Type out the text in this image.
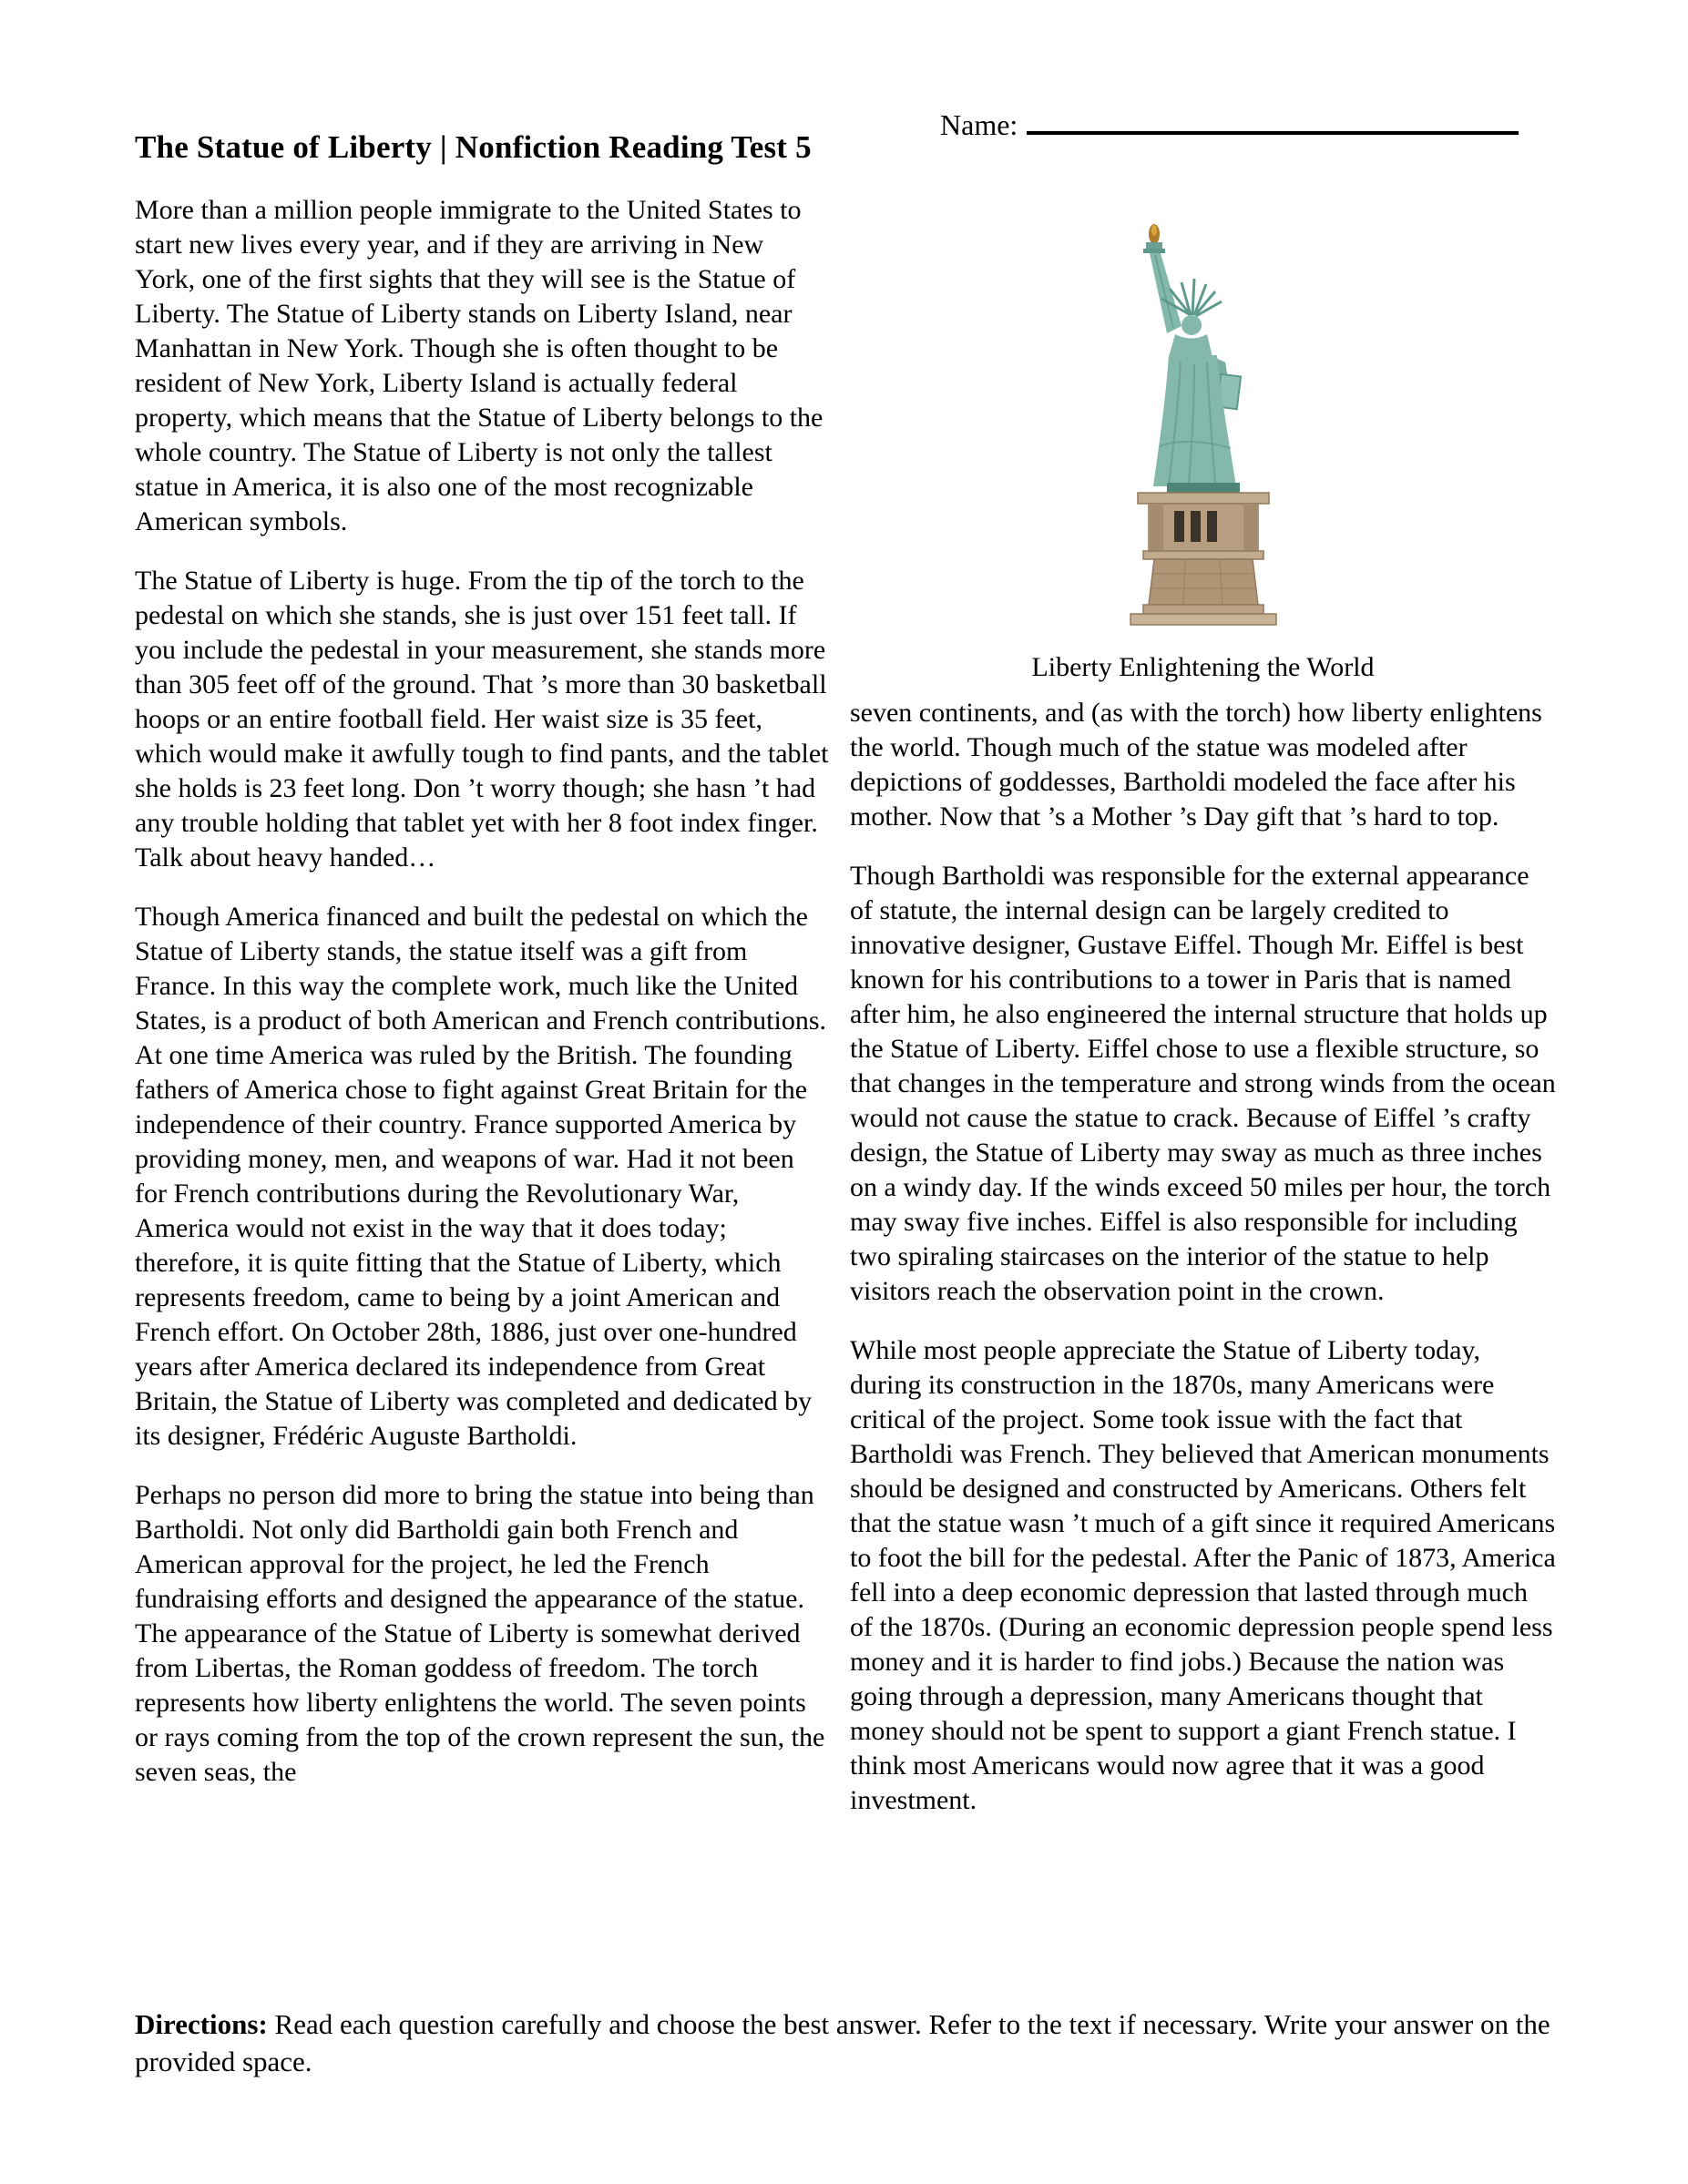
Name:
The Statue of Liberty | Nonfiction Reading Test 5

More than a million people immigrate to the United States to start new lives every year, and if they are arriving in New York, one of the first sights that they will see is the Statue of Liberty. The Statue of Liberty stands on Liberty Island, near Manhattan in New York. Though she is often thought to be resident of New York, Liberty Island is actually federal property, which means that the Statue of Liberty belongs to the whole country. The Statue of Liberty is not only the tallest statue in America, it is also one of the most recognizable American symbols.

The Statue of Liberty is huge. From the tip of the torch to the pedestal on which she stands, she is just over 151 feet tall. If you include the pedestal in your measurement, she stands more than 305 feet off of the ground. That ’s more than 30 basketball hoops or an entire football field. Her waist size is 35 feet, which would make it awfully tough to find pants, and the tablet she holds is 23 feet long. Don ’t worry though; she hasn ’t had any trouble holding that tablet yet with her 8 foot index finger. Talk about heavy handed…

Though America financed and built the pedestal on which the Statue of Liberty stands, the statue itself was a gift from France. In this way the complete work, much like the United States, is a product of both American and French contributions. At one time America was ruled by the British. The founding fathers of America chose to fight against Great Britain for the independence of their country. France supported America by providing money, men, and weapons of war. Had it not been for French contributions during the Revolutionary War, America would not exist in the way that it does today; therefore, it is quite fitting that the Statue of Liberty, which represents freedom, came to being by a joint American and French effort. On October 28th, 1886, just over one-hundred years after America declared its independence from Great Britain, the Statue of Liberty was completed and dedicated by its designer, Frédéric Auguste Bartholdi.

Perhaps no person did more to bring the statue into being than Bartholdi. Not only did Bartholdi gain both French and American approval for the project, he led the French fundraising efforts and designed the appearance of the statue. The appearance of the Statue of Liberty is somewhat derived from Libertas, the Roman goddess of freedom. The torch represents how liberty enlightens the world. The seven points or rays coming from the top of the crown represent the sun, the seven seas, the

Liberty Enlightening the World

seven continents, and (as with the torch) how liberty enlightens the world. Though much of the statue was modeled after depictions of goddesses, Bartholdi modeled the face after his mother. Now that ’s a Mother ’s Day gift that ’s hard to top.

Though Bartholdi was responsible for the external appearance of statute, the internal design can be largely credited to innovative designer, Gustave Eiffel. Though Mr. Eiffel is best known for his contributions to a tower in Paris that is named after him, he also engineered the internal structure that holds up the Statue of Liberty. Eiffel chose to use a flexible structure, so that changes in the temperature and strong winds from the ocean would not cause the statue to crack. Because of Eiffel ’s crafty design, the Statue of Liberty may sway as much as three inches on a windy day. If the winds exceed 50 miles per hour, the torch may sway five inches. Eiffel is also responsible for including two spiraling staircases on the interior of the statue to help visitors reach the observation point in the crown.

While most people appreciate the Statue of Liberty today, during its construction in the 1870s, many Americans were critical of the project. Some took issue with the fact that Bartholdi was French. They believed that American monuments should be designed and constructed by Americans. Others felt that the statue wasn ’t much of a gift since it required Americans to foot the bill for the pedestal. After the Panic of 1873, America fell into a deep economic depression that lasted through much of the 1870s. (During an economic depression people spend less money and it is harder to find jobs.) Because the nation was going through a depression, many Americans thought that money should not be spent to support a giant French statue. I think most Americans would now agree that it was a good investment.

Directions: Read each question carefully and choose the best answer. Refer to the text if necessary. Write your answer on the provided space.
